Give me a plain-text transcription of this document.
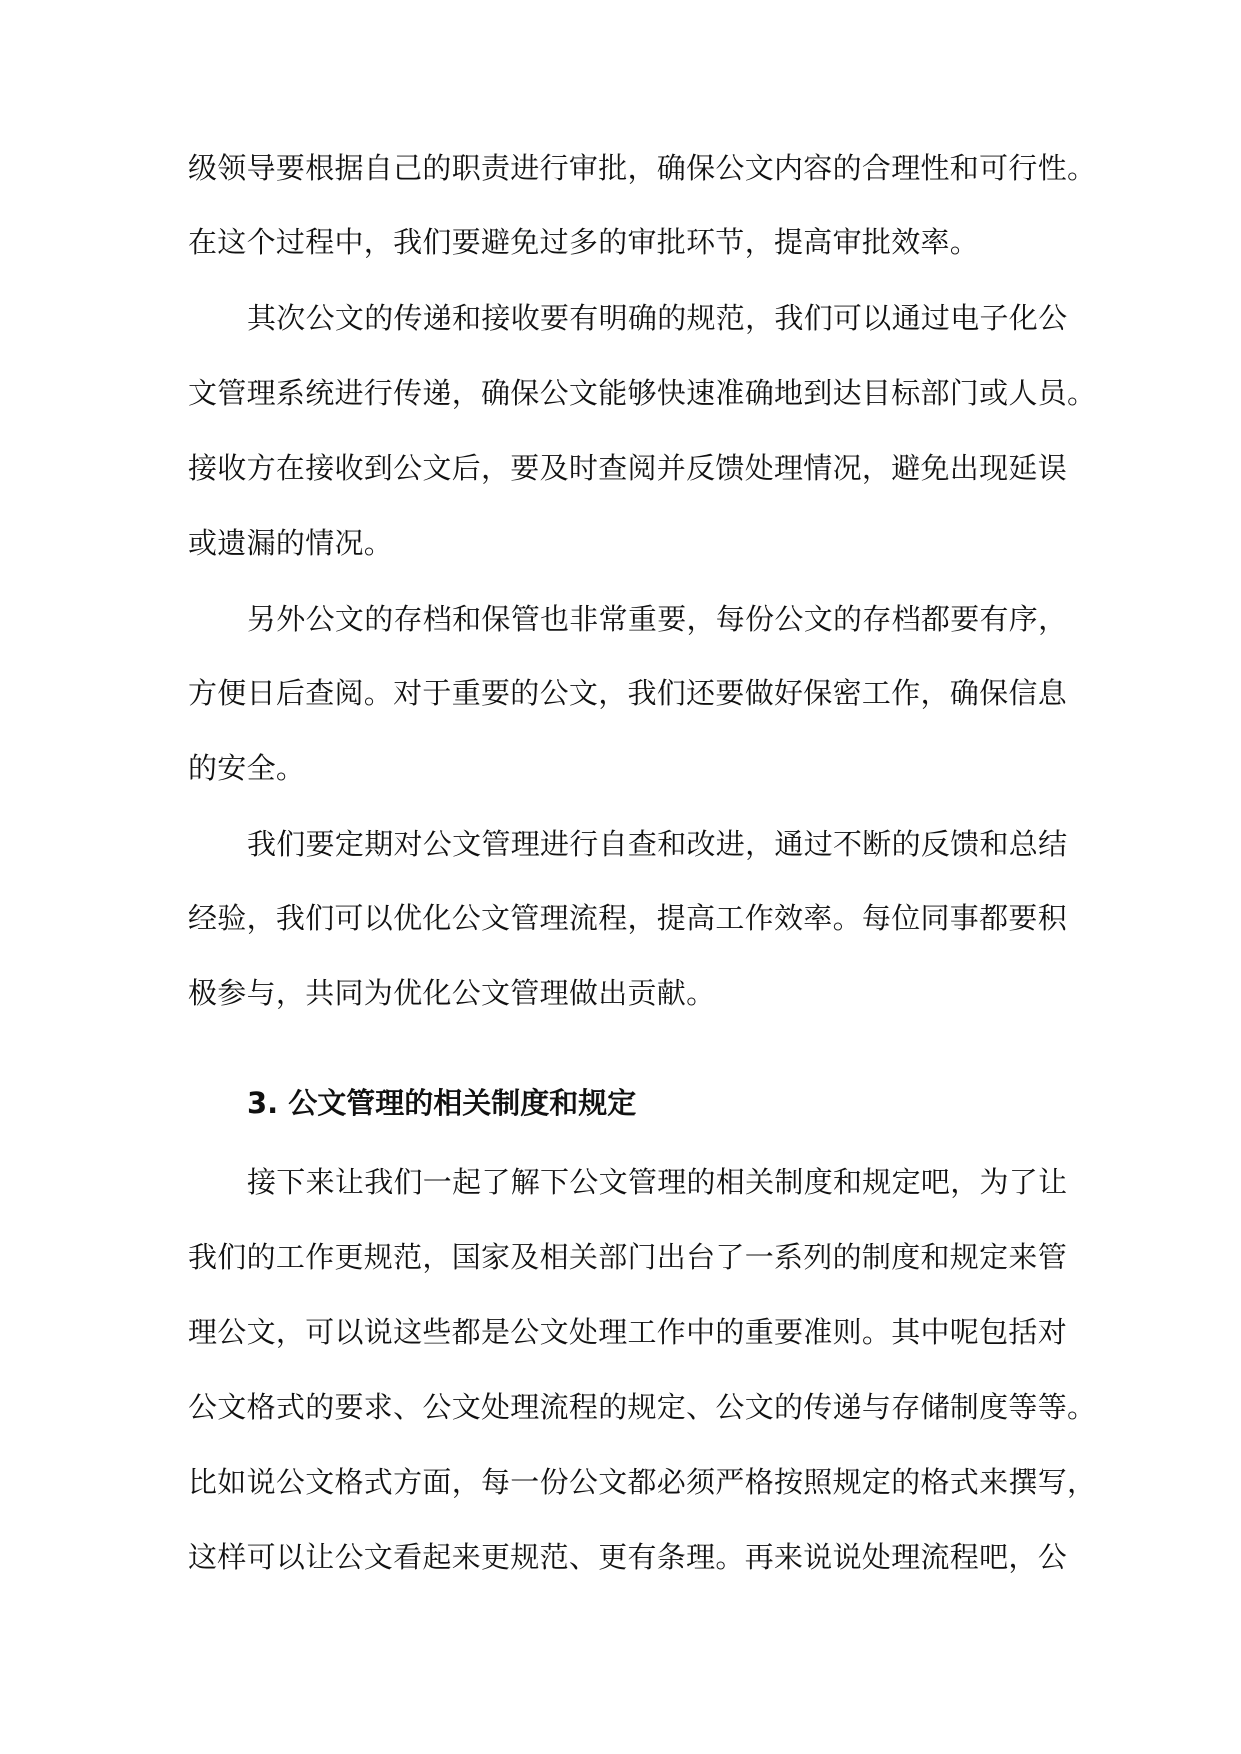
级领导要根据自己的职责进行审批，确保公文内容的合理性和可行性。
在这个过程中，我们要避免过多的审批环节，提高审批效率。
其次公文的传递和接收要有明确的规范，我们可以通过电子化公
文管理系统进行传递，确保公文能够快速准确地到达目标部门或人员。
接收方在接收到公文后，要及时查阅并反馈处理情况，避免出现延误
或遗漏的情况。
另外公文的存档和保管也非常重要，每份公文的存档都要有序，
方便日后查阅。对于重要的公文，我们还要做好保密工作，确保信息
的安全。
我们要定期对公文管理进行自查和改进，通过不断的反馈和总结
经验，我们可以优化公文管理流程，提高工作效率。每位同事都要积
极参与，共同为优化公文管理做出贡献。
3. 公文管理的相关制度和规定
接下来让我们一起了解下公文管理的相关制度和规定吧，为了让
我们的工作更规范，国家及相关部门出台了一系列的制度和规定来管
理公文，可以说这些都是公文处理工作中的重要准则。其中呢包括对
公文格式的要求、公文处理流程的规定、公文的传递与存储制度等等。
比如说公文格式方面，每一份公文都必须严格按照规定的格式来撰写，
这样可以让公文看起来更规范、更有条理。再来说说处理流程吧，公
